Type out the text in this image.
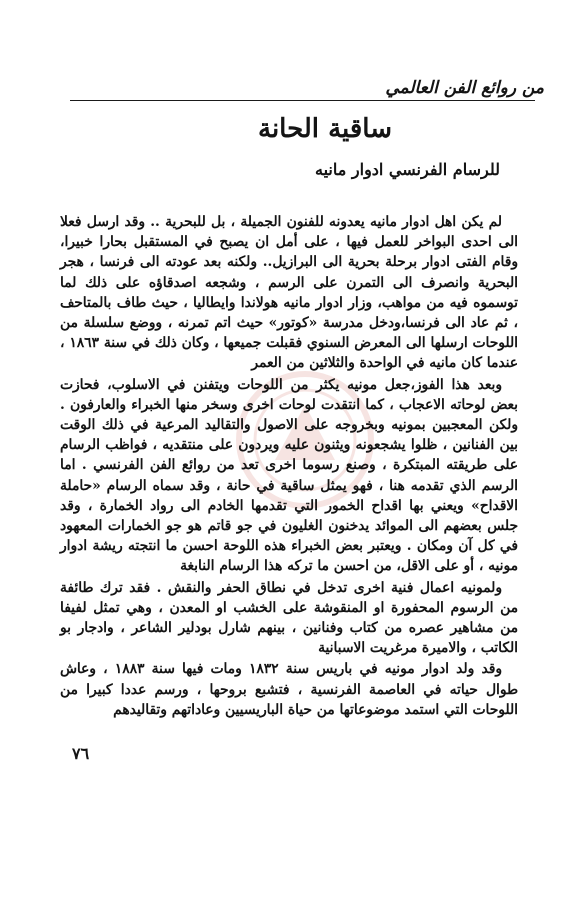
من روائع الفن العالمي
ساقية الحانة
للرسام الفرنسي ادوار مانيه

لم يكن اهل ادوار مانيه يعدونه للفنون الجميلة ، بل للبحرية .. وقد ارسل فعلا الى احدى البواخر للعمل فيها ، على أمل ان يصبح في المستقبل بحارا خبيرا، وقام الفتى ادوار برحلة بحرية الى البرازيل.. ولكنه بعد عودته الى فرنسا ، هجر البحرية وانصرف الى التمرن على الرسم ، وشجعه اصدقاؤه على ذلك لما توسموه فيه من مواهب، وزار ادوار مانيه هولاندا وايطاليا ، حيث طاف بالمتاحف ، ثم عاد الى فرنسا،ودخل مدرسة «كوتور» حيث اتم تمرنه ، ووضع سلسلة من اللوحات ارسلها الى المعرض السنوي فقبلت جميعها ، وكان ذلك في سنة ١٨٦٣ ، عندما كان مانيه في الواحدة والثلاثين من العمر

وبعد هذا الفوز،جعل مونيه يكثر من اللوحات ويتفنن في الاسلوب، فحازت بعض لوحاته الاعجاب ، كما انتقدت لوحات اخرى وسخر منها الخبراء والعارفون . ولكن المعجبين بمونيه وبخروجه على الاصول والتقاليد المرعية في ذلك الوقت بين الفنانين ، ظلوا يشجعونه ويثنون عليه ويردون على منتقديه ، فواظب الرسام على طريقته المبتكرة ، وصنع رسوما اخرى تعد من روائع الفن الفرنسي . اما الرسم الذي تقدمه هنا ، فهو يمثل ساقية في حانة ، وقد سماه الرسام «حاملة الاقداح» ويعني بها اقداح الخمور التي تقدمها الخادم الى رواد الخمارة ، وقد جلس بعضهم الى الموائد يدخنون الغليون في جو قاتم هو جو الخمارات المعهود في كل آن ومكان . ويعتبر بعض الخبراء هذه اللوحة احسن ما انتجته ريشة ادوار مونيه ، أو على الاقل، من احسن ما تركه هذا الرسام النابغة

ولمونيه اعمال فنية اخرى تدخل في نطاق الحفر والنقش . فقد ترك طائفة من الرسوم المحفورة او المنقوشة على الخشب او المعدن ، وهي تمثل لفيفا من مشاهير عصره من كتاب وفنانين ، بينهم شارل بودلير الشاعر ، وادجار بو الكاتب ، والاميرة مرغريت الاسبانية

وقد ولد ادوار مونيه في باريس سنة ١٨٣٢ ومات فيها سنة ١٨٨٣ ، وعاش طوال حياته في العاصمة الفرنسية ، فتشبع بروحها ، ورسم عددا كبيرا من اللوحات التي استمد موضوعاتها من حياة الباريسيين وعاداتهم وتقاليدهم

٧٦
